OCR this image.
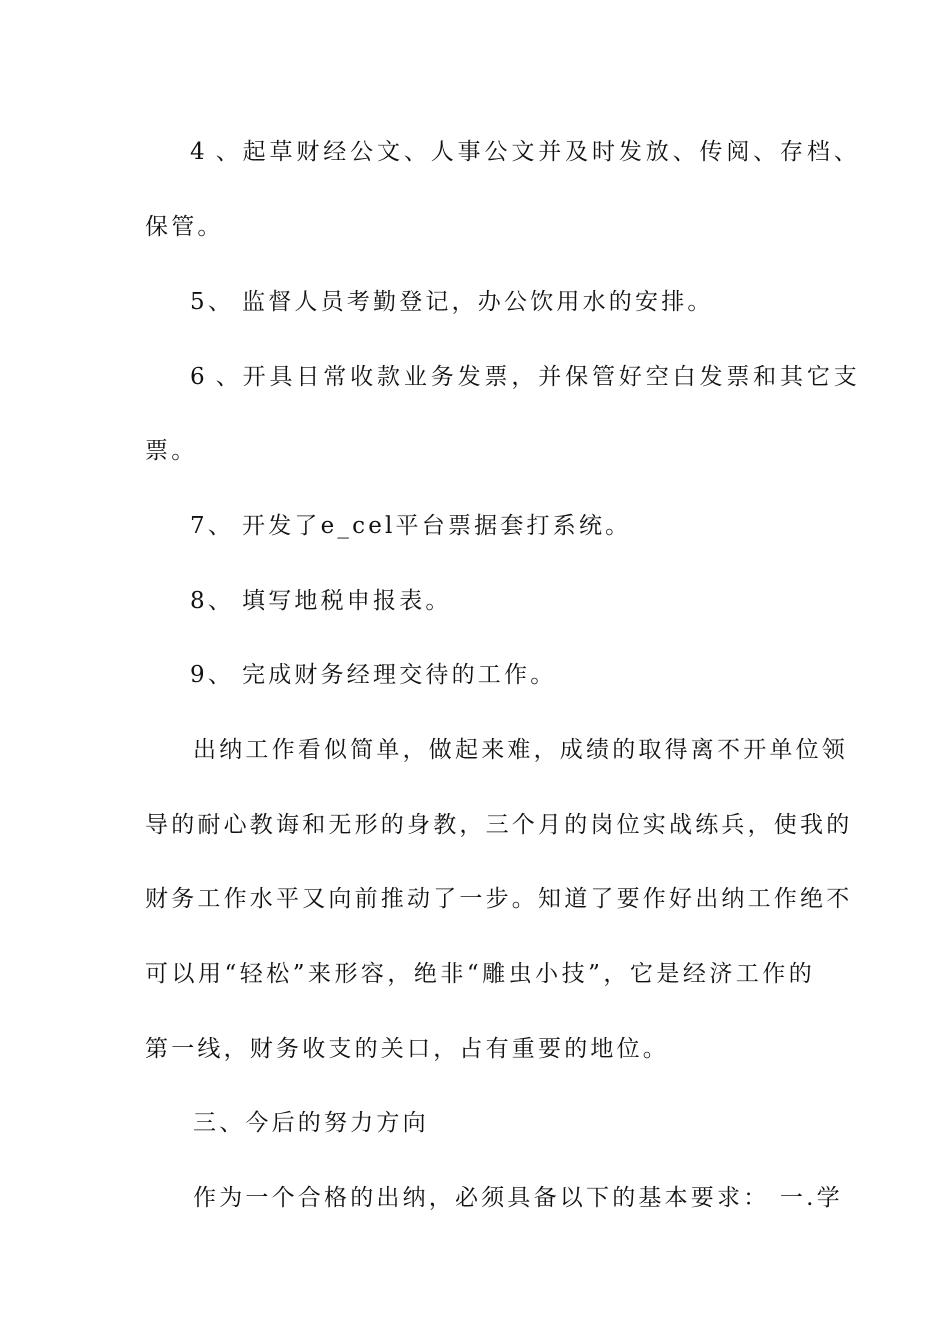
4、起草财经公文、人事公文并及时发放、传阅、存档、
保管。
5、 监督人员考勤登记，办公饮用水的安排。
6、开具日常收款业务发票，并保管好空白发票和其它支
票。
7、 开发了e_cel平台票据套打系统。
8、 填写地税申报表。
9、 完成财务经理交待的工作。
出纳工作看似简单，做起来难，成绩的取得离不开单位领
导的耐心教诲和无形的身教，三个月的岗位实战练兵，使我的
财务工作水平又向前推动了一步。知道了要作好出纳工作绝不
可以用“轻松”来形容，绝非“雕虫小技”，它是经济工作的
第一线，财务收支的关口，占有重要的地位。
三、今后的努力方向
作为一个合格的出纳，必须具备以下的基本要求： 一.学
